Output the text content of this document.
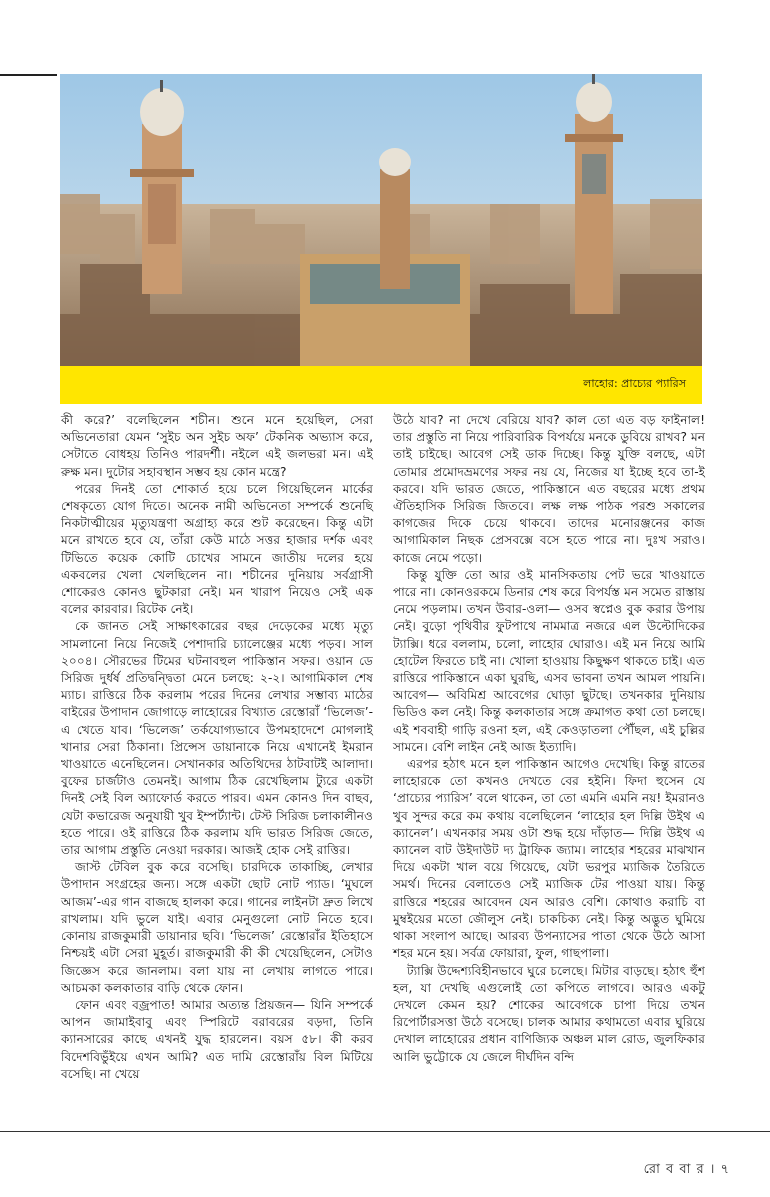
লাহোর: প্রাচ্যের প্যারিস

কী করে?’ বলেছিলেন শচীন। শুনে মনে হয়েছিল, সেরা অভিনেতারা যেমন ‘সুইচ অন সুইচ অফ’ টেকনিক অভ্যাস করে, সেটাতে বোধহয় তিনিও পারদর্শী। নইলে এই জলভরা মন। এই রুক্ষ মন। দুটোর সহাবস্থান সম্ভব হয় কোন মন্ত্রে?

পরের দিনই তো শোকার্ত হয়ে চলে গিয়েছিলেন মার্কের শেষকৃত্যে যোগ দিতে। অনেক নামী অভিনেতা সম্পর্কে শুনেছি নিকটাত্মীয়ের মৃত্যুযন্ত্রণা অগ্রাহ্য করে শুট করেছেন। কিন্তু এটা মনে রাখতে হবে যে, তাঁরা কেউ মাঠে সত্তর হাজার দর্শক এবং টিভিতে কয়েক কোটি চোখের সামনে জাতীয় দলের হয়ে একবলের খেলা খেলছিলেন না। শচীনের দুনিয়ায় সর্বগ্রাসী শোকেরও কোনও ছুটকারা নেই। মন খারাপ নিয়েও সেই এক বলের কারবার। রিটেক নেই।

কে জানত সেই সাক্ষাৎকারের বছর দেড়েকের মধ্যে মৃত্যু সামলানো নিয়ে নিজেই পেশাদারি চ্যালেঞ্জের মধ্যে পড়ব। সাল ২০০৪। সৌরভের টিমের ঘটনাবহুল পাকিস্তান সফর। ওয়ান ডে সিরিজ দুর্ধর্ষ প্রতিদ্বন্দ্বিতা মেনে চলছে: ২-২। আগামিকাল শেষ ম্যাচ। রাত্তিরে ঠিক করলাম পরের দিনের লেখার সম্ভাব্য মাঠের বাইরের উপাদান জোগাড়ে লাহোরের বিখ্যাত রেস্তোরাঁ ‘ভিলেজ’-এ খেতে যাব। ‘ভিলেজ’ তর্কযোগ্যভাবে উপমহাদেশে মোগলাই খানার সেরা ঠিকানা। প্রিন্সেস ডায়ানাকে নিয়ে এখানেই ইমরান খাওয়াতে এনেছিলেন। সেখানকার অতিথিদের ঠাটবাটই আলাদা। বুফের চার্জটাও তেমনই। আগাম ঠিক রেখেছিলাম ট্যুরে একটা দিনই সেই বিল অ্যাফোর্ড করতে পারব। এমন কোনও দিন বাছব, যেটা কভারেজ অনুযায়ী খুব ইম্পর্ট্যান্ট। টেস্ট সিরিজ চলাকালীনও হতে পারে। ওই রাত্তিরে ঠিক করলাম যদি ভারত সিরিজ জেতে, তার আগাম প্রস্তুতি নেওয়া দরকার। আজই হোক সেই রাত্তির।

জাস্ট টেবিল বুক করে বসেছি। চারদিকে তাকাচ্ছি, লেখার উপাদান সংগ্রহের জন্য। সঙ্গে একটা ছোট নোট প্যাড। ‘মুঘলে আজম’-এর গান বাজছে হালকা করে। গানের লাইনটা দ্রুত লিখে রাখলাম। যদি ভুলে যাই। এবার মেনুগুলো নোট নিতে হবে। কোনায় রাজকুমারী ডায়ানার ছবি। ‘ভিলেজ’ রেস্তোরাঁর ইতিহাসে নিশ্চয়ই এটা সেরা মুহূর্ত। রাজকুমারী কী কী খেয়েছিলেন, সেটাও জিজ্ঞেস করে জানলাম। বলা যায় না লেখায় লাগতে পারে। আচমকা কলকাতার বাড়ি থেকে ফোন।

ফোন এবং বজ্রপাত! আমার অত্যন্ত প্রিয়জন— যিনি সম্পর্কে আপন জামাইবাবু এবং স্পিরিটে বরাবরের বড়দা, তিনি ক্যানসারের কাছে এখনই যুদ্ধ হারলেন। বয়স ৫৮। কী করব বিদেশবিভুঁইয়ে এখন আমি? এত দামি রেস্তোরাঁয় বিল মিটিয়ে বসেছি। না খেয়ে

উঠে যাব? না দেখে বেরিয়ে যাব? কাল তো এত বড় ফাইনাল! তার প্রস্তুতি না নিয়ে পারিবারিক বিপর্যয়ে মনকে ডুবিয়ে রাখব? মন তাই চাইছে। আবেগ সেই ডাক দিচ্ছে। কিন্তু যুক্তি বলছে, এটা তোমার প্রমোদভ্রমণের সফর নয় যে, নিজের যা ইচ্ছে হবে তা-ই করবে। যদি ভারত জেতে, পাকিস্তানে এত বছরের মধ্যে প্রথম ঐতিহাসিক সিরিজ জিতবে। লক্ষ লক্ষ পাঠক পরশু সকালের কাগজের দিকে চেয়ে থাকবে। তাদের মনোরঞ্জনের কাজ আগামিকাল নিছক প্রেসবক্সে বসে হতে পারে না। দুঃখ সরাও। কাজে নেমে পড়ো।

কিন্তু যুক্তি তো আর ওই মানসিকতায় পেট ভরে খাওয়াতে পারে না। কোনওরকমে ডিনার শেষ করে বিপর্যস্ত মন সমেত রাস্তায় নেমে পড়লাম। তখন উবার-ওলা— ওসব স্বপ্নেও বুক করার উপায় নেই। বুড়ো পৃথিবীর ফুটপাথে নামমাত্র নজরে এল উল্টোদিকের ট্যাক্সি। ধরে বললাম, চলো, লাহোর ঘোরাও। এই মন নিয়ে আমি হোটেল ফিরতে চাই না। খোলা হাওয়ায় কিছুক্ষণ থাকতে চাই। এত রাত্তিরে পাকিস্তানে একা ঘুরছি, এসব ভাবনা তখন আমল পায়নি। আবেগ— অবিমিশ্র আবেগের ঘোড়া ছুটছে। তখনকার দুনিয়ায় ভিডিও কল নেই। কিন্তু কলকাতার সঙ্গে ক্রমাগত কথা তো চলছে। এই শববাহী গাড়ি রওনা হল, এই কেওড়াতলা পৌঁছল, এই চুল্লির সামনে। বেশি লাইন নেই আজ ইত্যাদি।

এরপর হঠাৎ মনে হল পাকিস্তান আগেও দেখেছি। কিন্তু রাতের লাহোরকে তো কখনও দেখতে বের হইনি। ফিদা হুসেন যে ‘প্রাচ্যের প্যারিস’ বলে থাকেন, তা তো এমনি এমনি নয়! ইমরানও খুব সুন্দর করে কম কথায় বলেছিলেন ‘লাহোর হল দিল্লি উইথ এ ক্যানেল’। এখনকার সময় ওটা শুদ্ধ হয়ে দাঁড়াত— দিল্লি উইথ এ ক্যানেল বাট উইদাউট দ্য ট্রাফিক জ্যাম। লাহোর শহরের মাঝখান দিয়ে একটা খাল বয়ে গিয়েছে, যেটা ভরপুর ম্যাজিক তৈরিতে সমর্থ। দিনের বেলাতেও সেই ম্যাজিক টের পাওয়া যায়। কিন্তু রাত্তিরে শহরের আবেদন যেন আরও বেশি। কোথাও করাচি বা মুম্বইয়ের মতো জৌলুস নেই। চাকচিক্য নেই। কিন্তু অদ্ভুত ঘুমিয়ে থাকা সংলাপ আছে। আরব্য উপন্যাসের পাতা থেকে উঠে আসা শহর মনে হয়। সর্বত্র ফোয়ারা, ফুল, গাছপালা।

ট্যাক্সি উদ্দেশ্যবিহীনভাবে ঘুরে চলেছে। মিটার বাড়ছে। হঠাৎ হুঁশ হল, যা দেখছি এগুলোই তো কপিতে লাগবে। আরও একটু দেখলে কেমন হয়? শোকের আবেগকে চাপা দিয়ে তখন রিপোর্টারসত্তা উঠে বসেছে। চালক আমার কথামতো এবার ঘুরিয়ে দেখাল লাহোরের প্রধান বাণিজ্যিক অঞ্চল মাল রোড, জুলফিকার আলি ভুট্টোকে যে জেলে দীর্ঘদিন বন্দি

রো ব বা র । ৭
